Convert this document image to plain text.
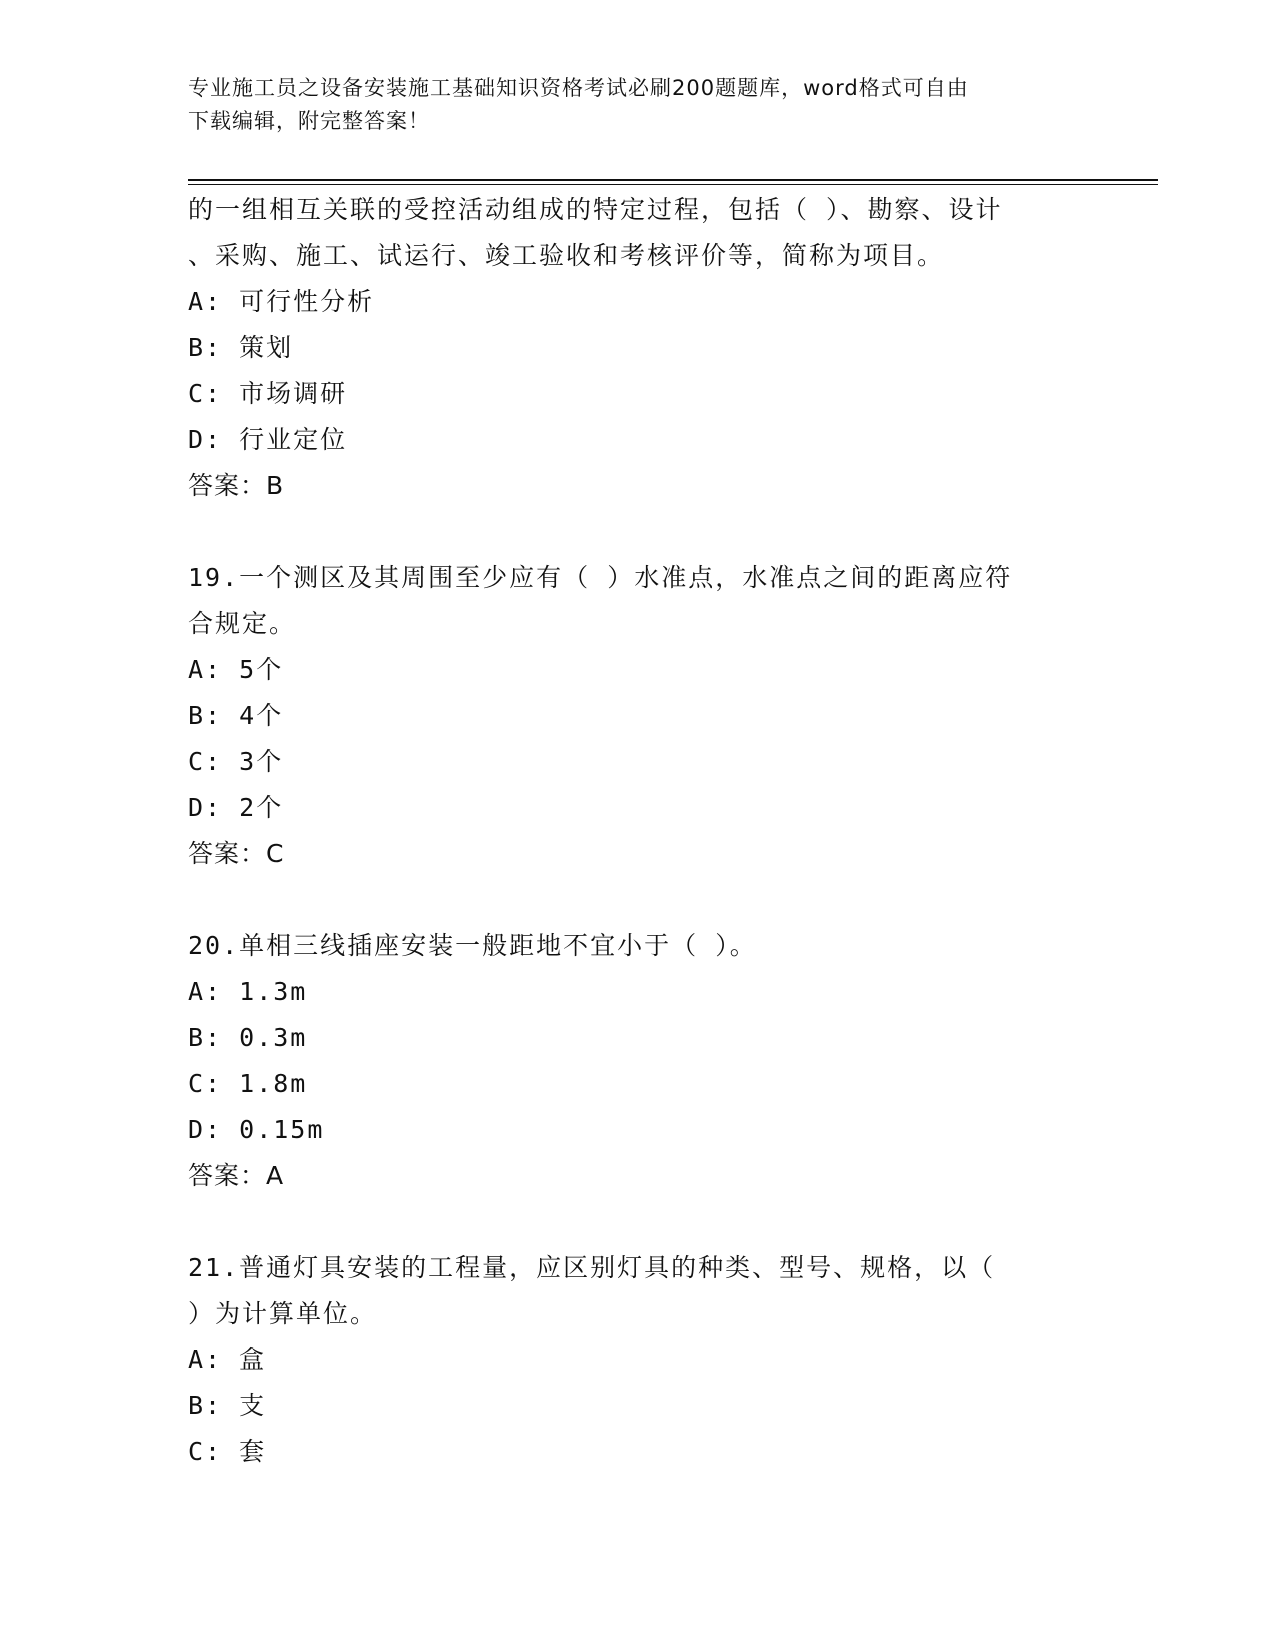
专业施工员之设备安装施工基础知识资格考试必刷200题题库，word格式可自由
下载编辑，附完整答案！
的一组相互关联的受控活动组成的特定过程，包括（ ）、勘察、设计
、采购、施工、试运行、竣工验收和考核评价等，简称为项目。
A: 可行性分析
B: 策划
C: 市场调研
D: 行业定位
答案：B
19.一个测区及其周围至少应有（ ）水准点，水准点之间的距离应符
合规定。
A: 5个
B: 4个
C: 3个
D: 2个
答案：C
20.单相三线插座安装一般距地不宜小于（ ）。
A: 1.3m
B: 0.3m
C: 1.8m
D: 0.15m
答案：A
21.普通灯具安装的工程量，应区别灯具的种类、型号、规格，以（
）为计算单位。
A: 盒
B: 支
C: 套
